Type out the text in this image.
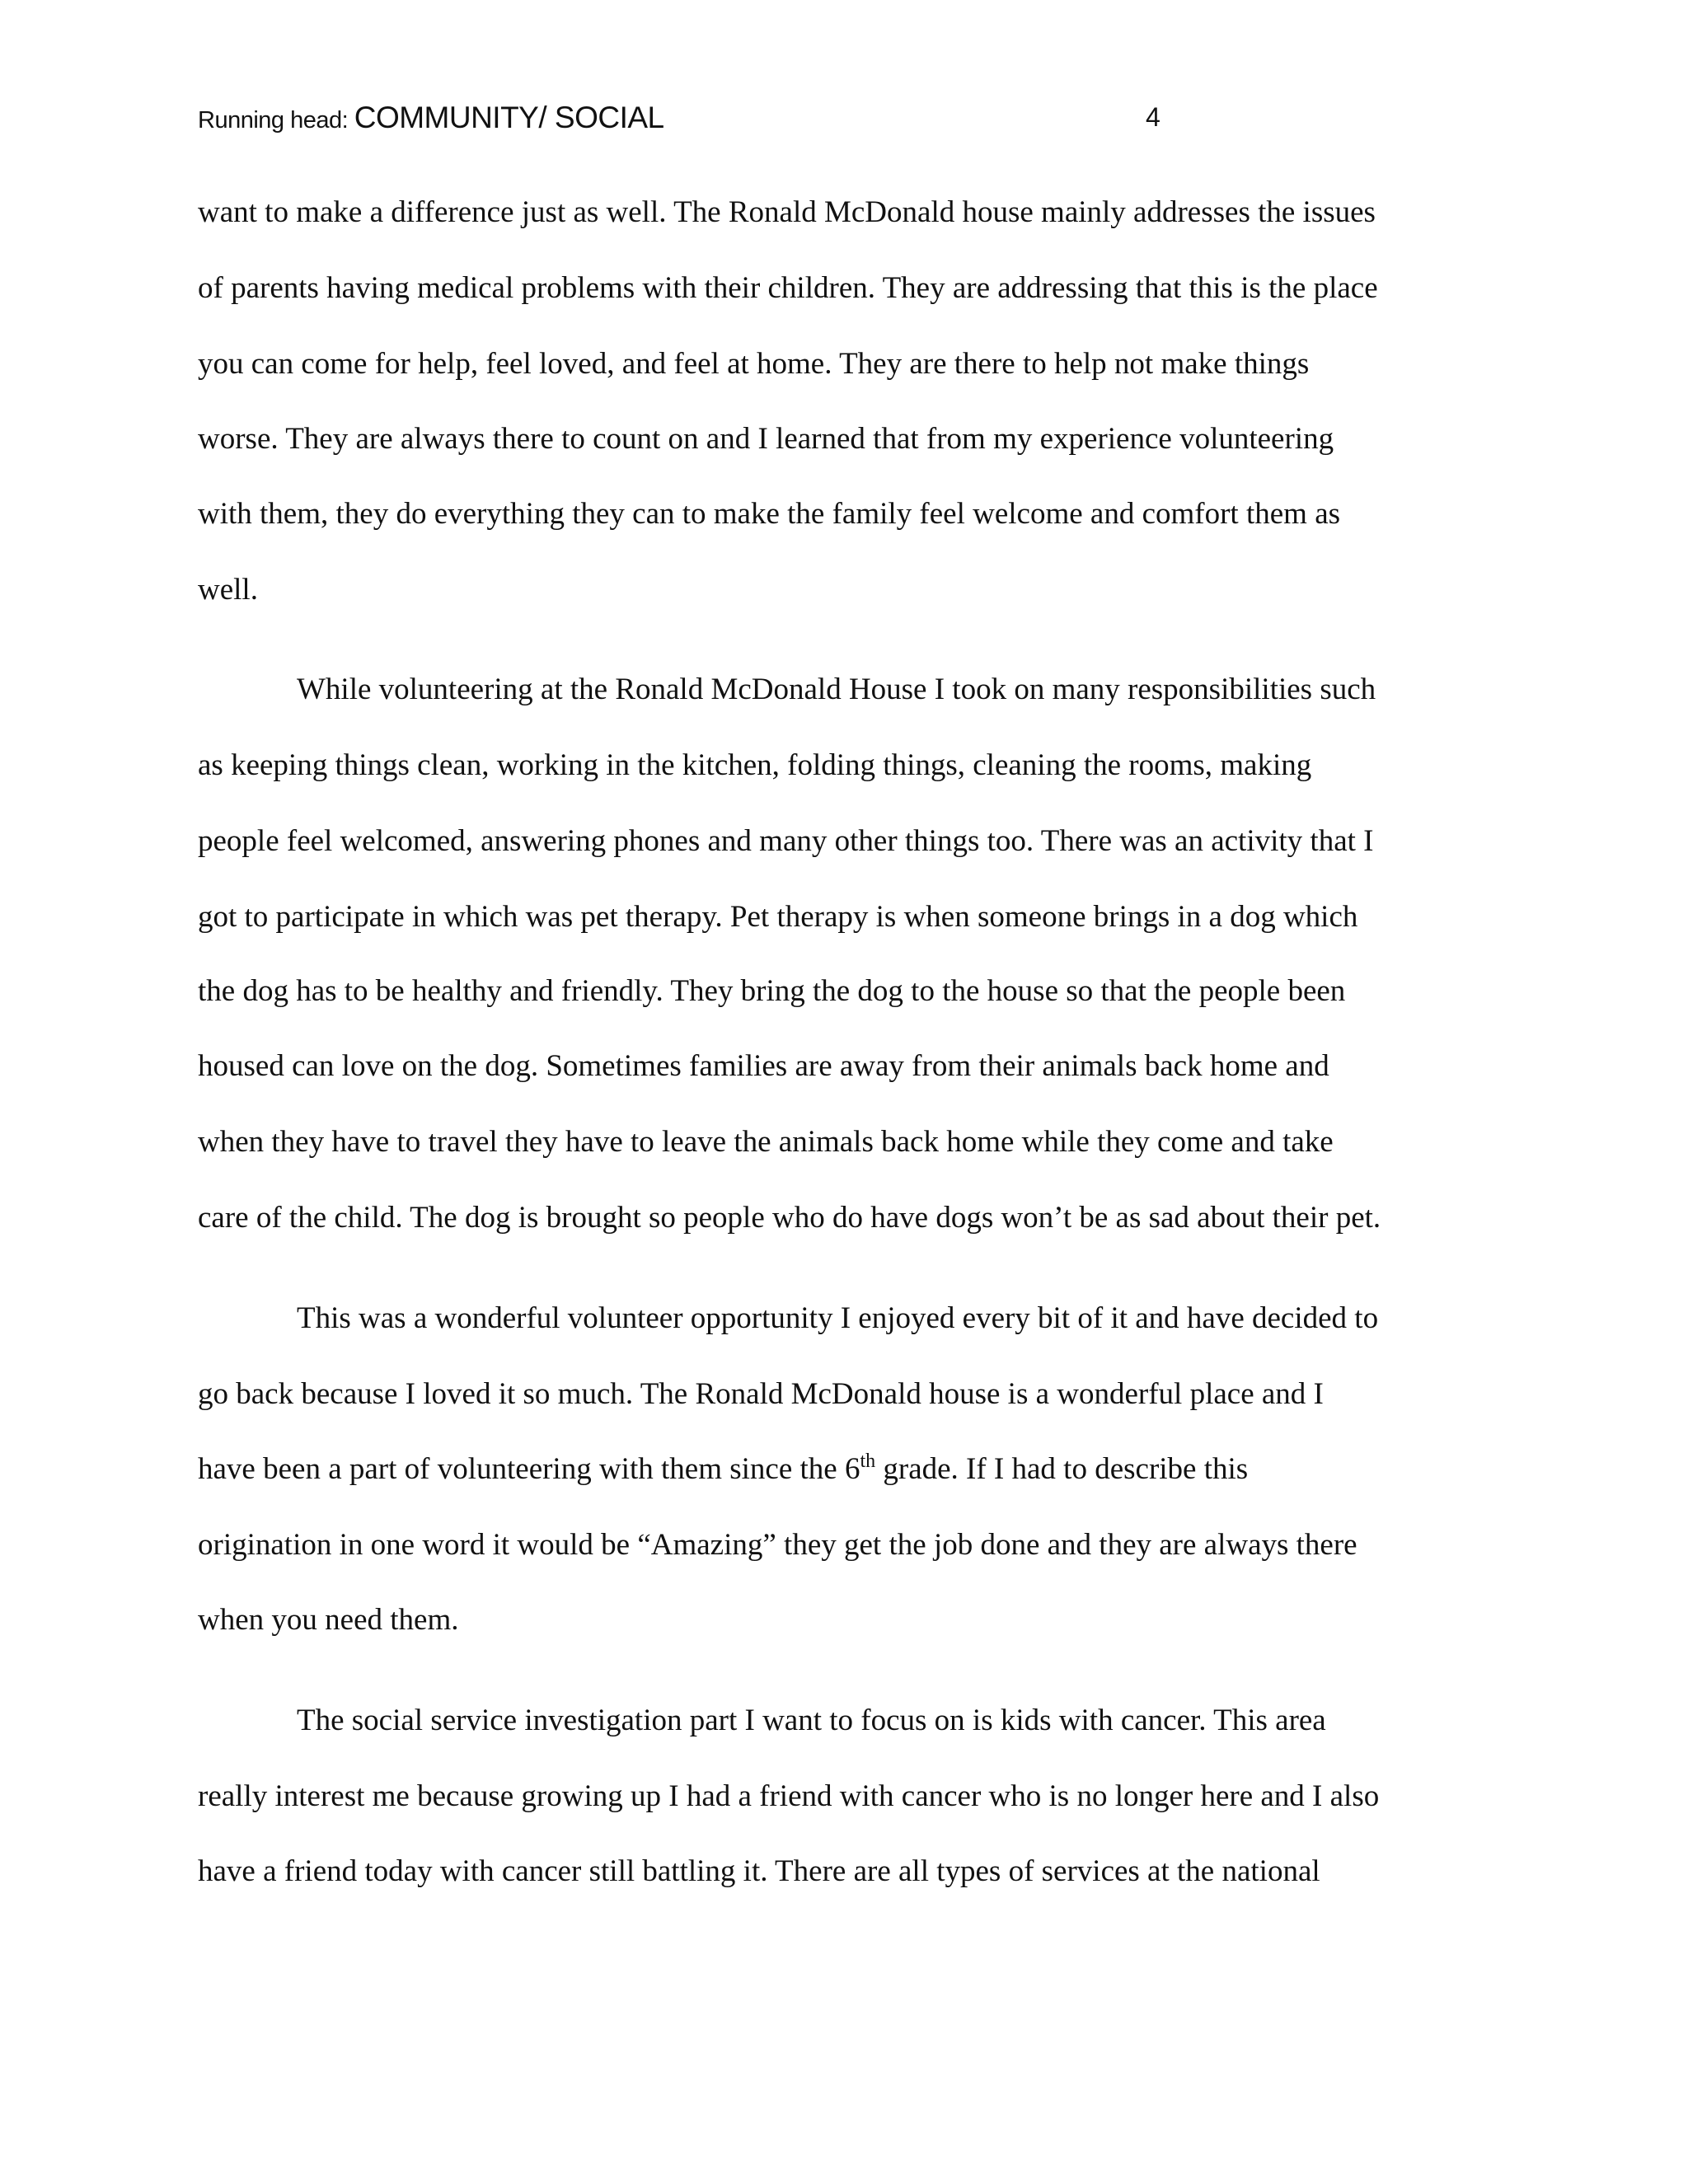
Running head: COMMUNITY/ SOCIAL	4
want to make a difference just as well. The Ronald McDonald house mainly addresses the issues
of parents having medical problems with their children. They are addressing that this is the place
you can come for help, feel loved, and feel at home. They are there to help not make things
worse. They are always there to count on and I learned that from my experience volunteering
with them, they do everything they can to make the family feel welcome and comfort them as
well.
While volunteering at the Ronald McDonald House I took on many responsibilities such
as keeping things clean, working in the kitchen, folding things, cleaning the rooms, making
people feel welcomed, answering phones and many other things too. There was an activity that I
got to participate in which was pet therapy. Pet therapy is when someone brings in a dog which
the dog has to be healthy and friendly. They bring the dog to the house so that the people been
housed can love on the dog. Sometimes families are away from their animals back home and
when they have to travel they have to leave the animals back home while they come and take
care of the child. The dog is brought so people who do have dogs won’t be as sad about their pet.
This was a wonderful volunteer opportunity I enjoyed every bit of it and have decided to
go back because I loved it so much. The Ronald McDonald house is a wonderful place and I
have been a part of volunteering with them since the 6th grade. If I had to describe this
origination in one word it would be “Amazing” they get the job done and they are always there
when you need them.
The social service investigation part I want to focus on is kids with cancer. This area
really interest me because growing up I had a friend with cancer who is no longer here and I also
have a friend today with cancer still battling it. There are all types of services at the national
